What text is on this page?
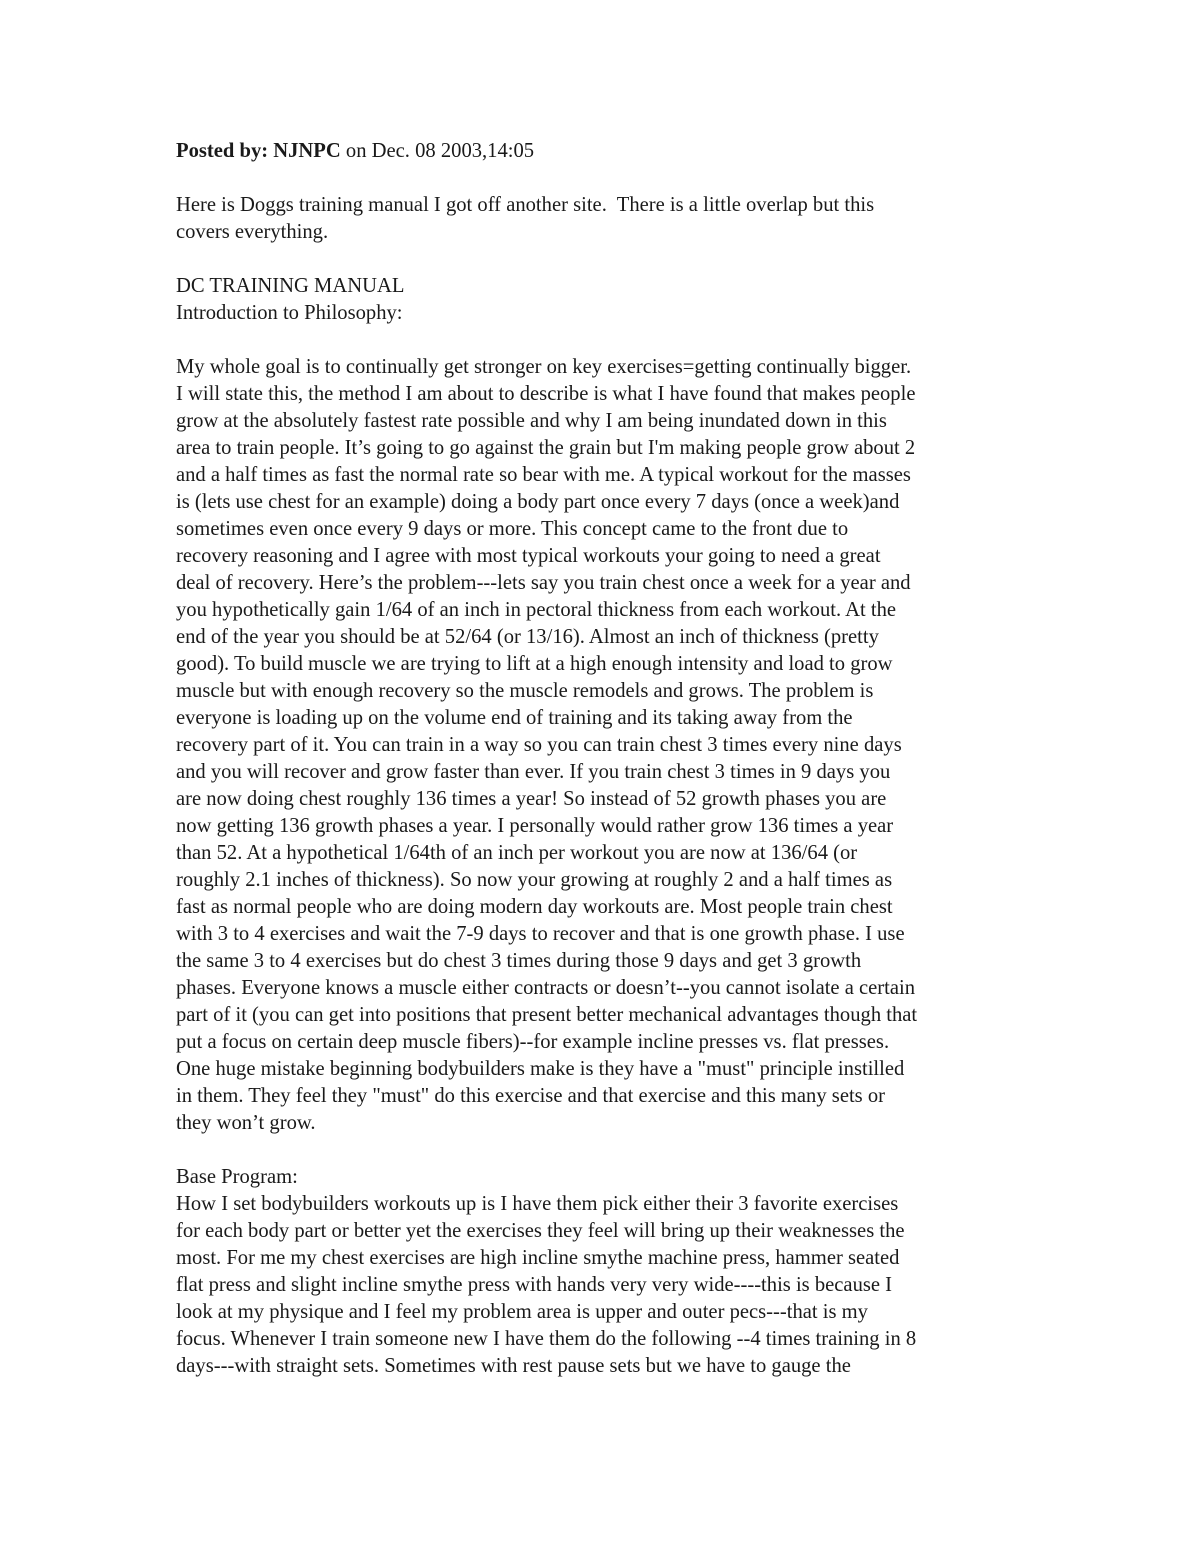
Posted by: NJNPC on Dec. 08 2003,14:05
Here is Doggs training manual I got off another site.  There is a little overlap but this
covers everything.
DC TRAINING MANUAL
Introduction to Philosophy:
My whole goal is to continually get stronger on key exercises=getting continually bigger.
I will state this, the method I am about to describe is what I have found that makes people
grow at the absolutely fastest rate possible and why I am being inundated down in this
area to train people. It’s going to go against the grain but I'm making people grow about 2
and a half times as fast the normal rate so bear with me. A typical workout for the masses
is (lets use chest for an example) doing a body part once every 7 days (once a week)and
sometimes even once every 9 days or more. This concept came to the front due to
recovery reasoning and I agree with most typical workouts your going to need a great
deal of recovery. Here’s the problem---lets say you train chest once a week for a year and
you hypothetically gain 1/64 of an inch in pectoral thickness from each workout. At the
end of the year you should be at 52/64 (or 13/16). Almost an inch of thickness (pretty
good). To build muscle we are trying to lift at a high enough intensity and load to grow
muscle but with enough recovery so the muscle remodels and grows. The problem is
everyone is loading up on the volume end of training and its taking away from the
recovery part of it. You can train in a way so you can train chest 3 times every nine days
and you will recover and grow faster than ever. If you train chest 3 times in 9 days you
are now doing chest roughly 136 times a year! So instead of 52 growth phases you are
now getting 136 growth phases a year. I personally would rather grow 136 times a year
than 52. At a hypothetical 1/64th of an inch per workout you are now at 136/64 (or
roughly 2.1 inches of thickness). So now your growing at roughly 2 and a half times as
fast as normal people who are doing modern day workouts are. Most people train chest
with 3 to 4 exercises and wait the 7-9 days to recover and that is one growth phase. I use
the same 3 to 4 exercises but do chest 3 times during those 9 days and get 3 growth
phases. Everyone knows a muscle either contracts or doesn’t--you cannot isolate a certain
part of it (you can get into positions that present better mechanical advantages though that
put a focus on certain deep muscle fibers)--for example incline presses vs. flat presses.
One huge mistake beginning bodybuilders make is they have a "must" principle instilled
in them. They feel they "must" do this exercise and that exercise and this many sets or
they won’t grow.
Base Program:
How I set bodybuilders workouts up is I have them pick either their 3 favorite exercises
for each body part or better yet the exercises they feel will bring up their weaknesses the
most. For me my chest exercises are high incline smythe machine press, hammer seated
flat press and slight incline smythe press with hands very very wide----this is because I
look at my physique and I feel my problem area is upper and outer pecs---that is my
focus. Whenever I train someone new I have them do the following --4 times training in 8
days---with straight sets. Sometimes with rest pause sets but we have to gauge the
